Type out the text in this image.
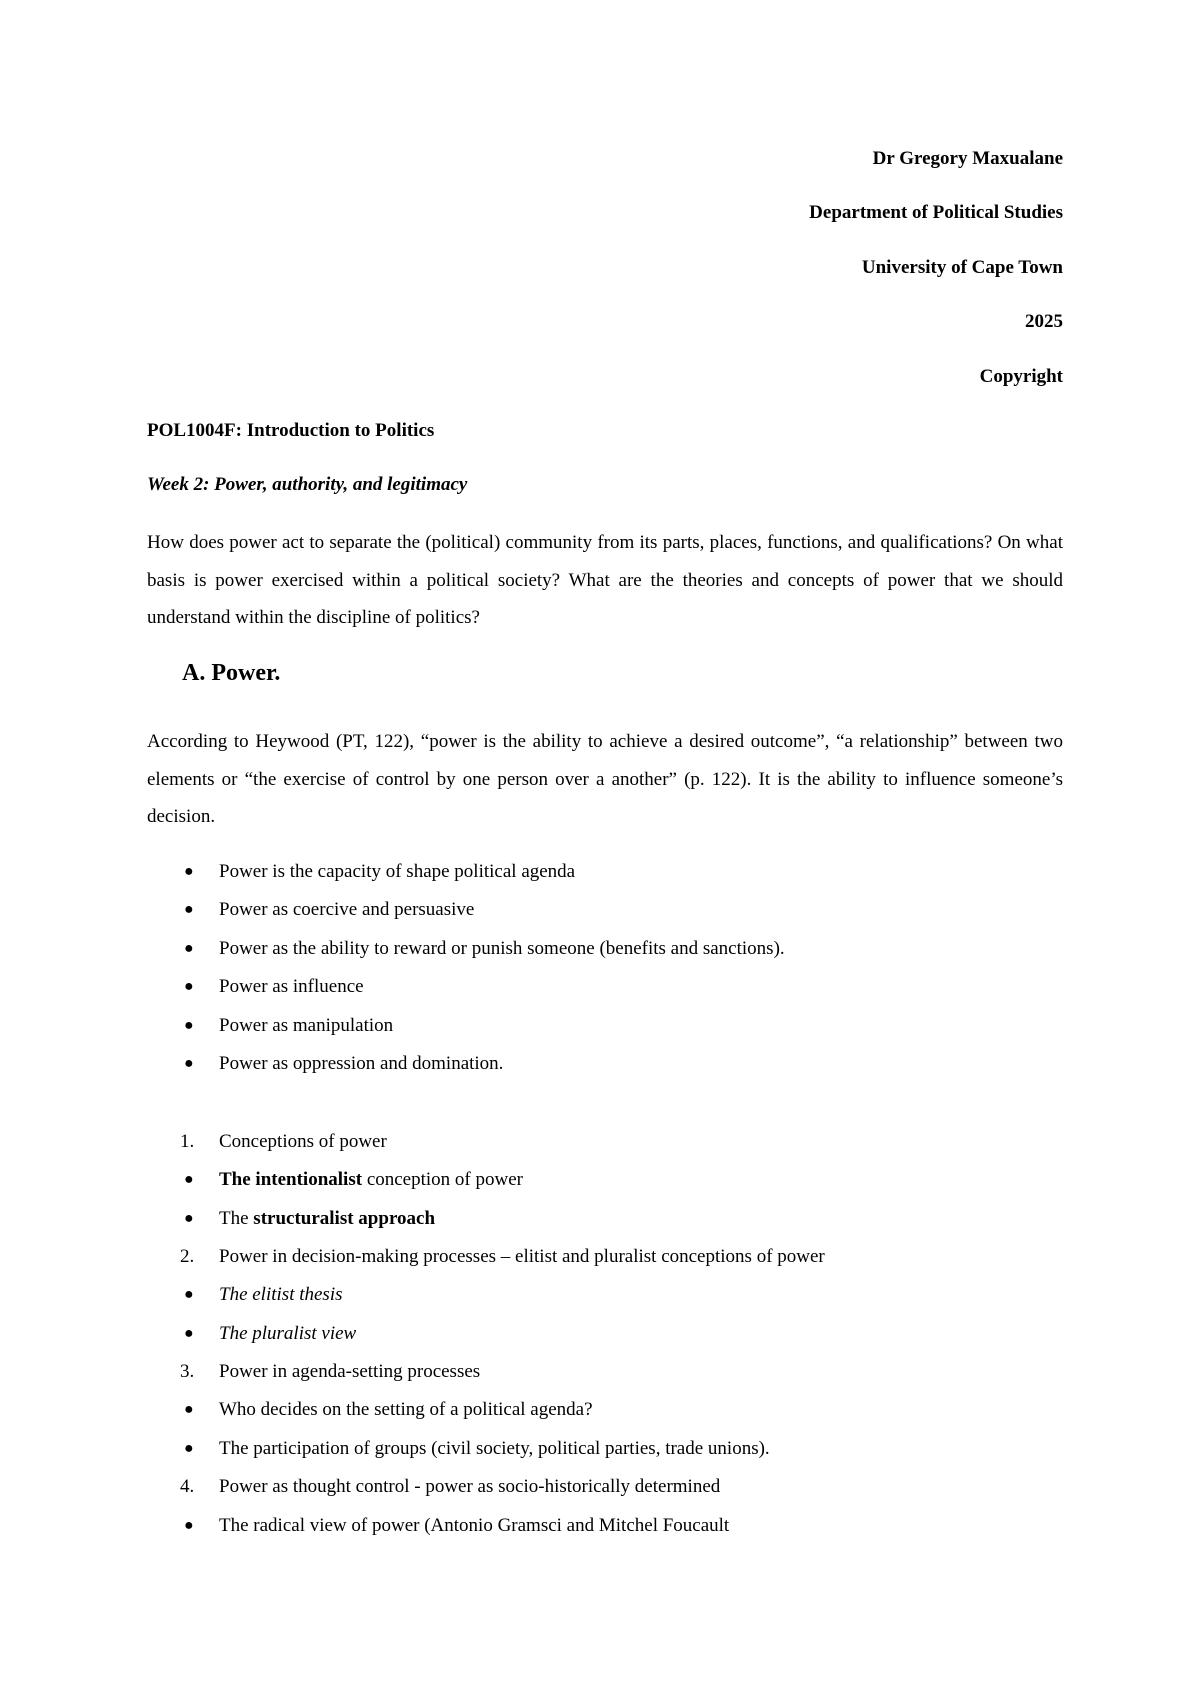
Dr Gregory Maxualane
Department of Political Studies
University of Cape Town
2025
Copyright
POL1004F: Introduction to Politics
Week 2: Power, authority, and legitimacy
How does power act to separate the (political) community from its parts, places, functions, and qualifications? On what basis is power exercised within a political society? What are the theories and concepts of power that we should understand within the discipline of politics?
A. Power.
According to Heywood (PT, 122), “power is the ability to achieve a desired outcome”, “a relationship” between two elements or “the exercise of control by one person over a another” (p. 122). It is the ability to influence someone’s decision.
● Power is the capacity of shape political agenda
● Power as coercive and persuasive
● Power as the ability to reward or punish someone (benefits and sanctions).
● Power as influence
● Power as manipulation
● Power as oppression and domination.
1. Conceptions of power
● The intentionalist conception of power
● The structuralist approach
2. Power in decision-making processes – elitist and pluralist conceptions of power
● The elitist thesis
● The pluralist view
3. Power in agenda-setting processes
● Who decides on the setting of a political agenda?
● The participation of groups (civil society, political parties, trade unions).
4. Power as thought control - power as socio-historically determined
● The radical view of power (Antonio Gramsci and Mitchel Foucault
